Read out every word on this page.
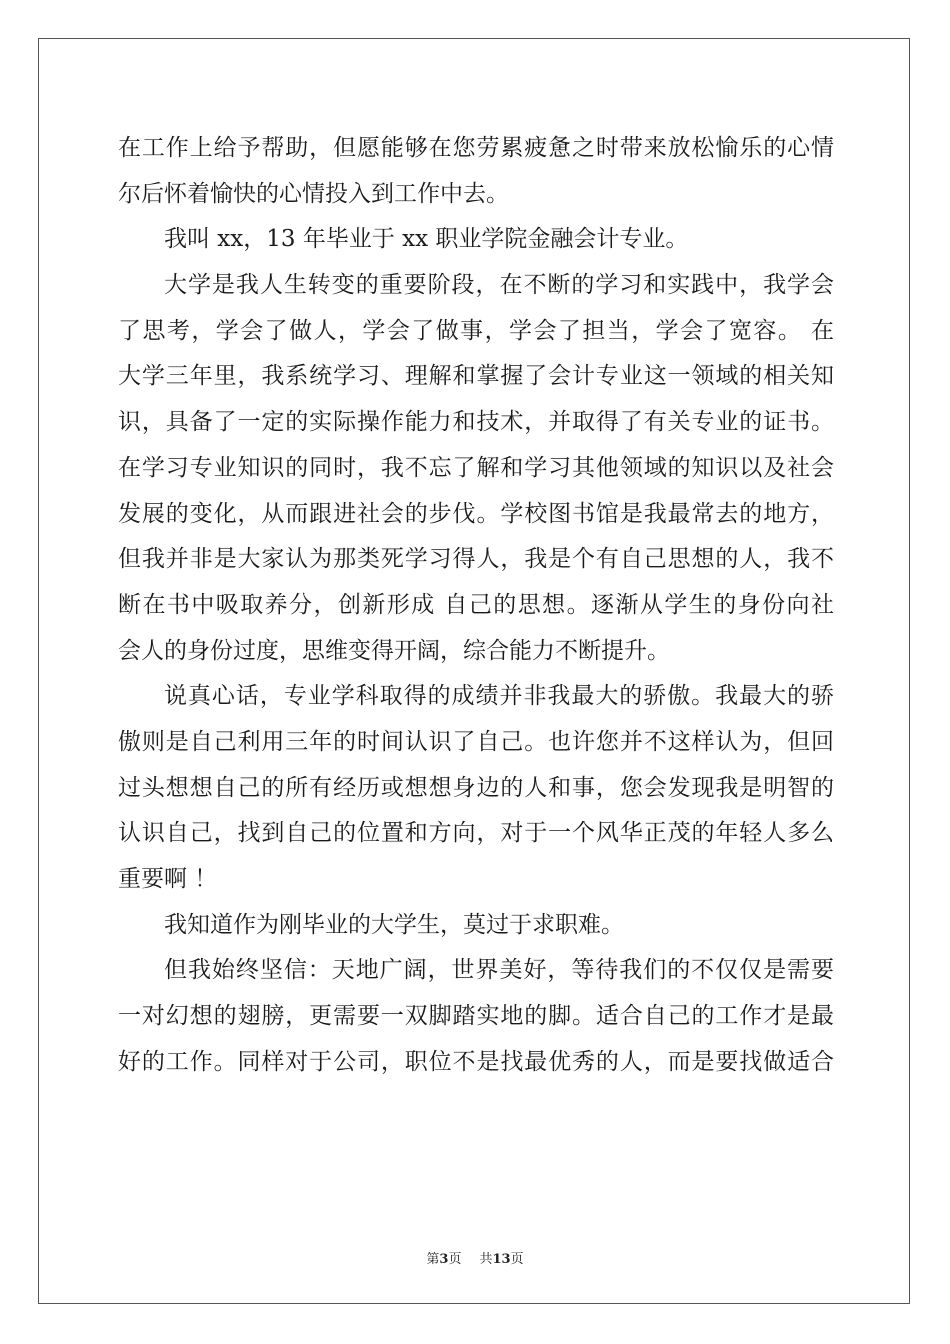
在工作上给予帮助，但愿能够在您劳累疲惫之时带来放松愉乐的心情
尔后怀着愉快的心情投入到工作中去。
我叫 xx，13 年毕业于 xx 职业学院金融会计专业。
大学是我人生转变的重要阶段，在不断的学习和实践中，我学会
了思考，学会了做人，学会了做事，学会了担当，学会了宽容。 在
大学三年里，我系统学习、理解和掌握了会计专业这一领域的相关知
识，具备了一定的实际操作能力和技术，并取得了有关专业的证书。
在学习专业知识的同时，我不忘了解和学习其他领域的知识以及社会
发展的变化，从而跟进社会的步伐。学校图书馆是我最常去的地方，
但我并非是大家认为那类死学习得人，我是个有自己思想的人，我不
断在书中吸取养分，创新形成 自己的思想。逐渐从学生的身份向社
会人的身份过度，思维变得开阔，综合能力不断提升。
说真心话，专业学科取得的成绩并非我最大的骄傲。我最大的骄
傲则是自己利用三年的时间认识了自己。也许您并不这样认为，但回
过头想想自己的所有经历或想想身边的人和事，您会发现我是明智的
认识自己，找到自己的位置和方向，对于一个风华正茂的年轻人多么
重要啊 ！
我知道作为刚毕业的大学生，莫过于求职难。
但我始终坚信：天地广阔，世界美好，等待我们的不仅仅是需要
一对幻想的翅膀，更需要一双脚踏实地的脚。适合自己的工作才是最
好的工作。同样对于公司，职位不是找最优秀的人，而是要找做适合
第3页 共13页
